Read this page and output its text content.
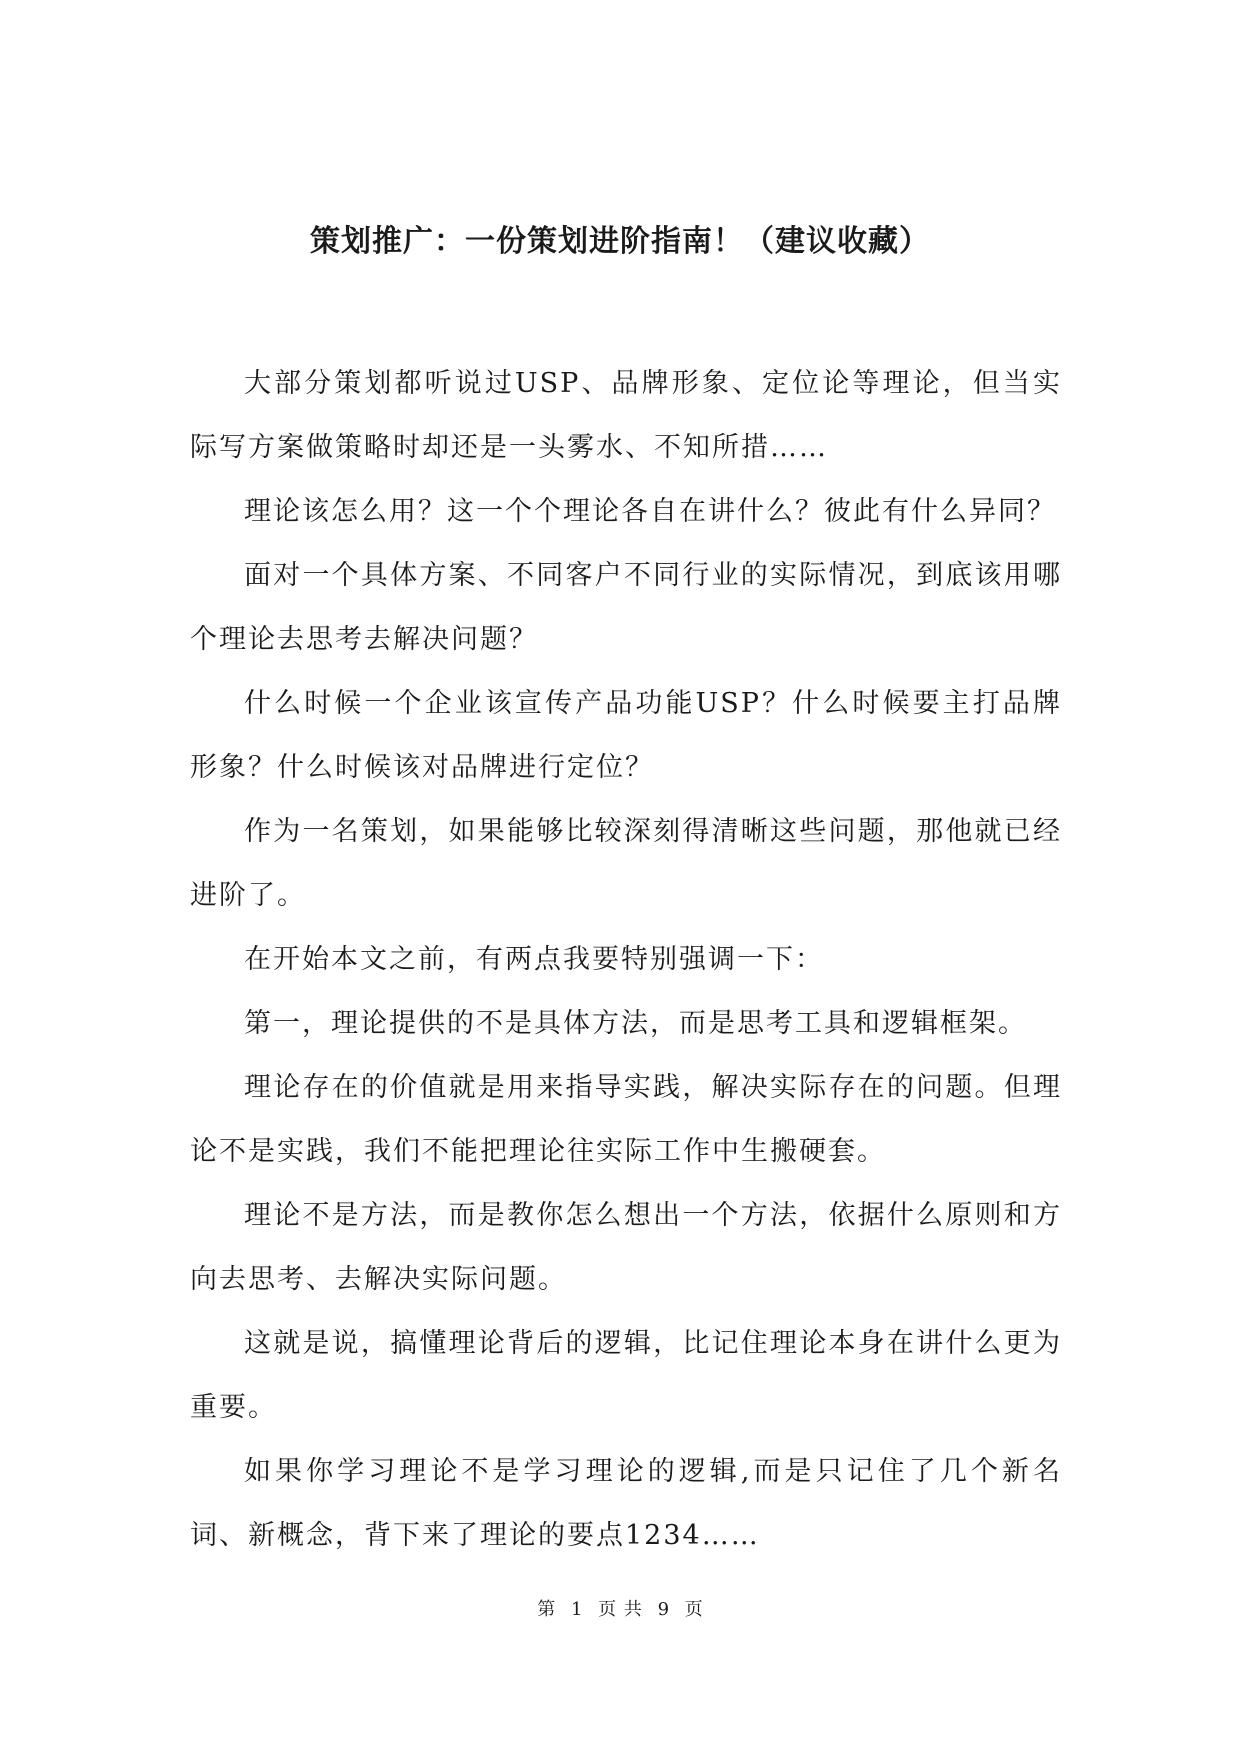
策划推广：一份策划进阶指南！（建议收藏）

大部分策划都听说过USP、品牌形象、定位论等理论，但当实际写方案做策略时却还是一头雾水、不知所措……

理论该怎么用？这一个个理论各自在讲什么？彼此有什么异同？

面对一个具体方案、不同客户不同行业的实际情况，到底该用哪个理论去思考去解决问题？

什么时候一个企业该宣传产品功能USP？什么时候要主打品牌形象？什么时候该对品牌进行定位？

作为一名策划，如果能够比较深刻得清晰这些问题，那他就已经进阶了。

在开始本文之前，有两点我要特别强调一下：

第一，理论提供的不是具体方法，而是思考工具和逻辑框架。

理论存在的价值就是用来指导实践，解决实际存在的问题。但理论不是实践，我们不能把理论往实际工作中生搬硬套。

理论不是方法，而是教你怎么想出一个方法，依据什么原则和方向去思考、去解决实际问题。

这就是说，搞懂理论背后的逻辑，比记住理论本身在讲什么更为重要。

如果你学习理论不是学习理论的逻辑,而是只记住了几个新名词、新概念，背下来了理论的要点1234……

第 1 页 共 9 页
